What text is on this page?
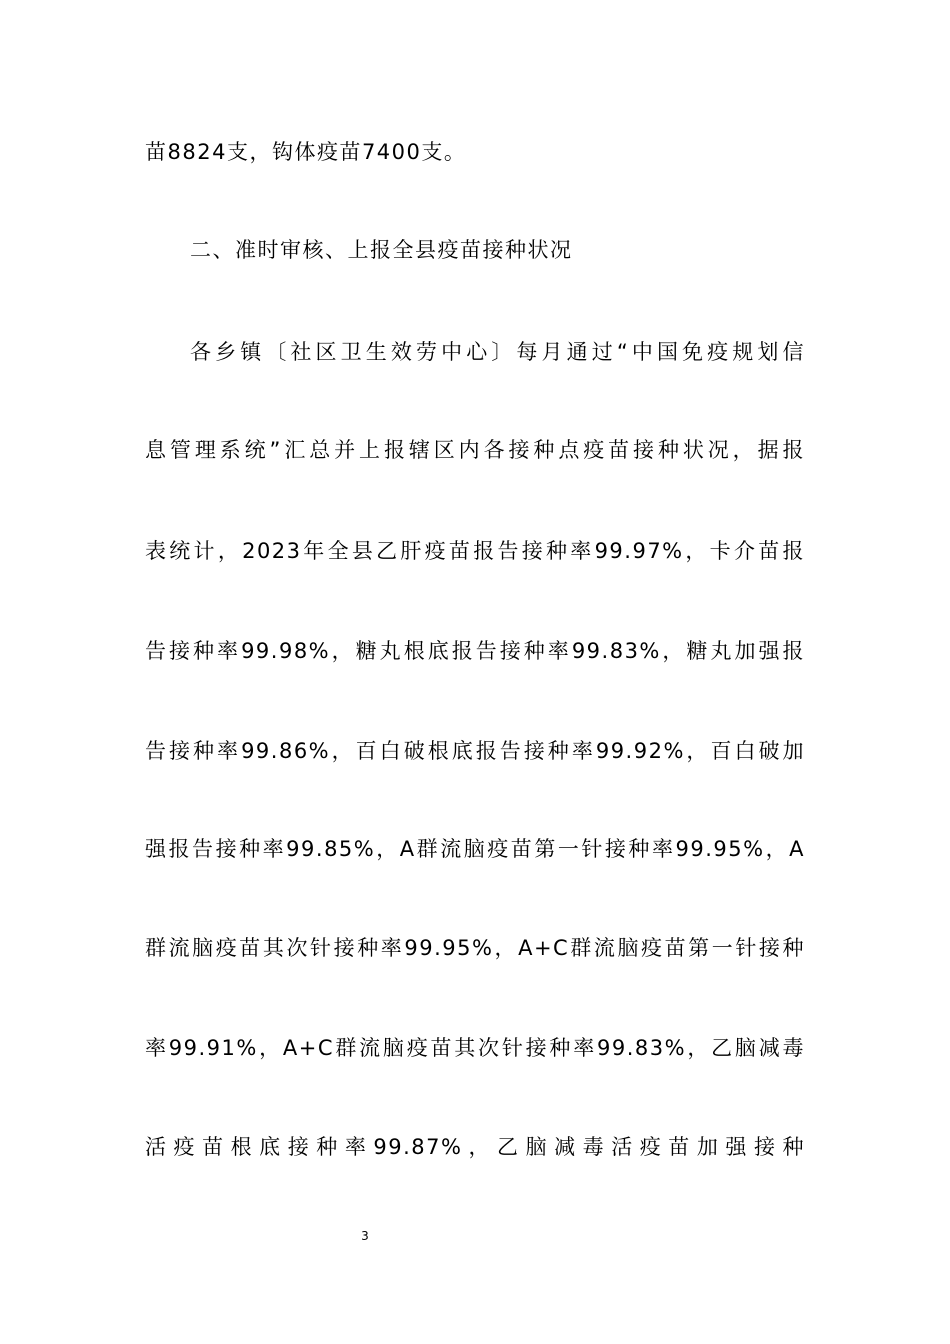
苗8824支，钩体疫苗7400支。
二、准时审核、上报全县疫苗接种状况
各乡镇〔社区卫生效劳中心〕每月通过“中国免疫规划信
息管理系统”汇总并上报辖区内各接种点疫苗接种状况，据报
表统计，2023年全县乙肝疫苗报告接种率99.97%，卡介苗报
告接种率99.98%，糖丸根底报告接种率99.83%，糖丸加强报
告接种率99.86%，百白破根底报告接种率99.92%，百白破加
强报告接种率99.85%，A群流脑疫苗第一针接种率99.95%，A
群流脑疫苗其次针接种率99.95%，A+C群流脑疫苗第一针接种
率99.91%，A+C群流脑疫苗其次针接种率99.83%，乙脑减毒
活疫苗根底接种率99.87%，乙脑减毒活疫苗加强接种
3
